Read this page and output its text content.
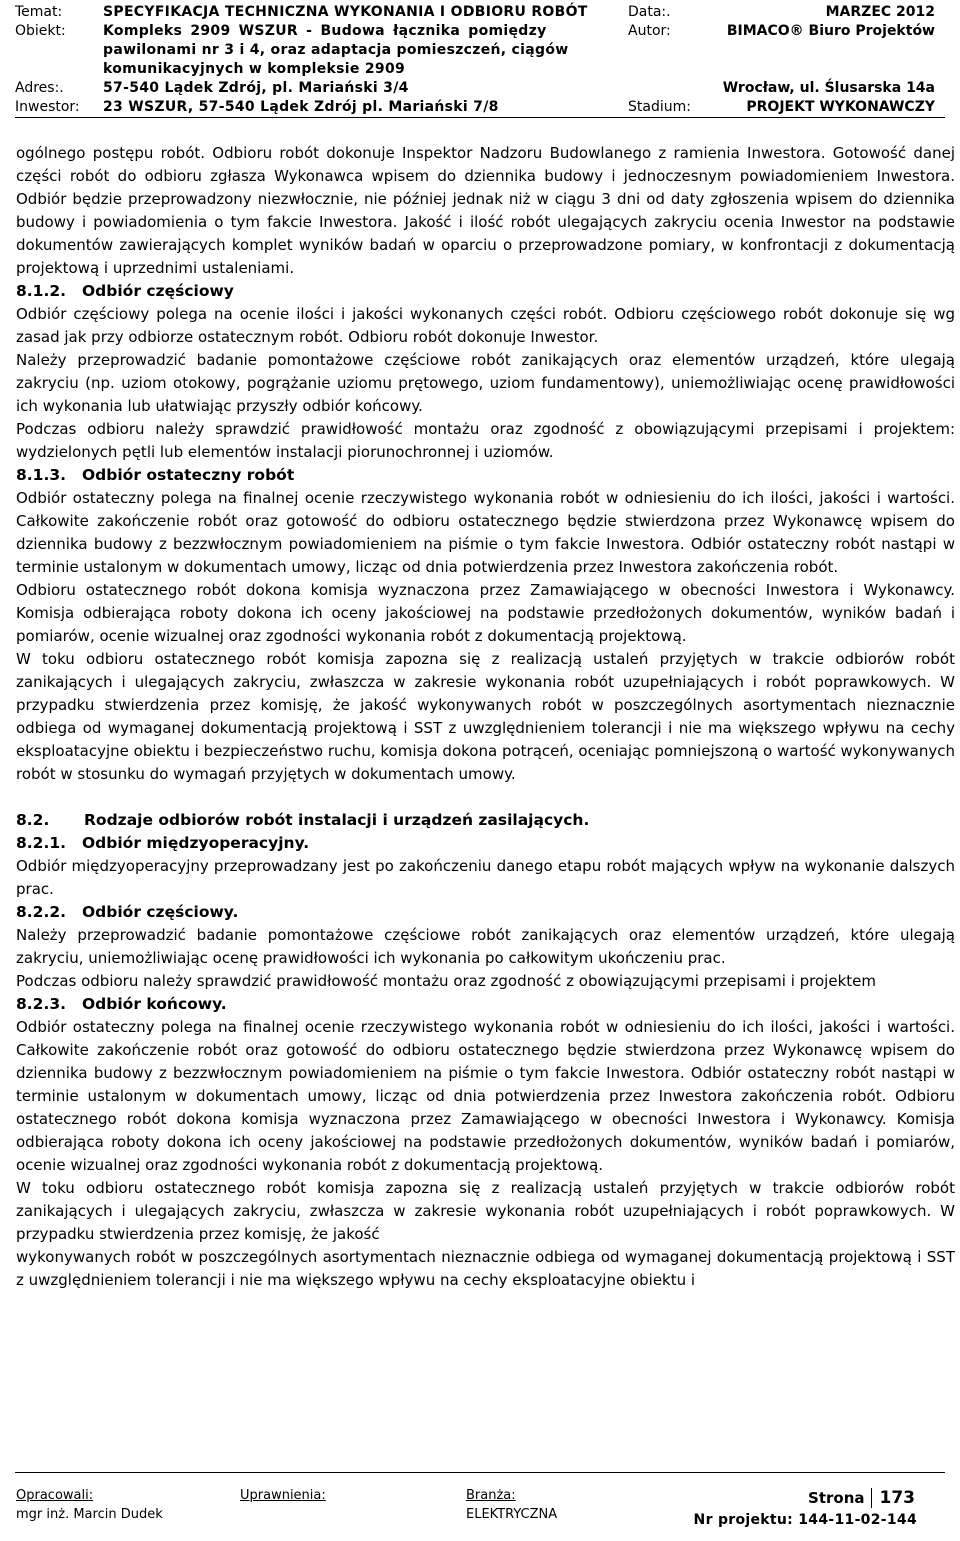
Temat:	SPECYFIKACJA TECHNICZNA WYKONANIA I ODBIORU ROBÓT
Obiekt:	Kompleks 2909 WSZUR - Budowa łącznika pomiędzy
pawilonami nr 3 i 4, oraz adaptacja pomieszczeń, ciągów
komunikacyjnych w kompleksie 2909
Adres:.	57-540 Lądek Zdrój, pl. Mariański 3/4
Inwestor: 23 WSZUR, 57-540 Lądek Zdrój pl. Mariański 7/8
Data:.	MARZEC 2012
Autor:	BIMACO® Biuro Projektów
Wrocław, ul. Ślusarska 14a
Stadium:	PROJEKT WYKONAWCZY

ogólnego postępu robót. Odbioru robót dokonuje Inspektor Nadzoru Budowlanego z ramienia Inwestora. Gotowość danej części robót do odbioru zgłasza Wykonawca wpisem do dziennika budowy i jednoczesnym powiadomieniem Inwestora. Odbiór będzie przeprowadzony niezwłocznie, nie później jednak niż w ciągu 3 dni od daty zgłoszenia wpisem do dziennika budowy i powiadomienia o tym fakcie Inwestora. Jakość i ilość robót ulegających zakryciu ocenia Inwestor na podstawie dokumentów zawierających komplet wyników badań w oparciu o przeprowadzone pomiary, w konfrontacji z dokumentacją projektową i uprzednimi ustaleniami.

8.1.2. Odbiór częściowy

Odbiór częściowy polega na ocenie ilości i jakości wykonanych części robót. Odbioru częściowego robót dokonuje się wg zasad jak przy odbiorze ostatecznym robót. Odbioru robót dokonuje Inwestor.

Należy przeprowadzić badanie pomontażowe częściowe robót zanikających oraz elementów urządzeń, które ulegają zakryciu (np. uziom otokowy, pogrążanie uziomu prętowego, uziom fundamentowy), uniemożliwiając ocenę prawidłowości ich wykonania lub ułatwiając przyszły odbiór końcowy.

Podczas odbioru należy sprawdzić prawidłowość montażu oraz zgodność z obowiązującymi przepisami i projektem: wydzielonych pętli lub elementów instalacji piorunochronnej i uziomów.

8.1.3. Odbiór ostateczny robót

Odbiór ostateczny polega na finalnej ocenie rzeczywistego wykonania robót w odniesieniu do ich ilości, jakości i wartości. Całkowite zakończenie robót oraz gotowość do odbioru ostatecznego będzie stwierdzona przez Wykonawcę wpisem do dziennika budowy z bezzwłocznym powiadomieniem na piśmie o tym fakcie Inwestora. Odbiór ostateczny robót nastąpi w terminie ustalonym w dokumentach umowy, licząc od dnia potwierdzenia przez Inwestora zakończenia robót.

Odbioru ostatecznego robót dokona komisja wyznaczona przez Zamawiającego w obecności Inwestora i Wykonawcy. Komisja odbierająca roboty dokona ich oceny jakościowej na podstawie przedłożonych dokumentów, wyników badań i pomiarów, ocenie wizualnej oraz zgodności wykonania robót z dokumentacją projektową.

W toku odbioru ostatecznego robót komisja zapozna się z realizacją ustaleń przyjętych w trakcie odbiorów robót zanikających i ulegających zakryciu, zwłaszcza w zakresie wykonania robót uzupełniających i robót poprawkowych. W przypadku stwierdzenia przez komisję, że jakość wykonywanych robót w poszczególnych asortymentach nieznacznie odbiega od wymaganej dokumentacją projektową i SST z uwzględnieniem tolerancji i nie ma większego wpływu na cechy eksploatacyjne obiektu i bezpieczeństwo ruchu, komisja dokona potrąceń, oceniając pomniejszoną o wartość wykonywanych robót w stosunku do wymagań przyjętych w dokumentach umowy.

8.2. Rodzaje odbiorów robót instalacji i urządzeń zasilających.
8.2.1. Odbiór międzyoperacyjny.

Odbiór międzyoperacyjny przeprowadzany jest po zakończeniu danego etapu robót mających wpływ na wykonanie dalszych prac.

8.2.2. Odbiór częściowy.

Należy przeprowadzić badanie pomontażowe częściowe robót zanikających oraz elementów urządzeń, które ulegają zakryciu, uniemożliwiając ocenę prawidłowości ich wykonania po całkowitym ukończeniu prac.

Podczas odbioru należy sprawdzić prawidłowość montażu oraz zgodność z obowiązującymi przepisami i projektem

8.2.3. Odbiór końcowy.

Odbiór ostateczny polega na finalnej ocenie rzeczywistego wykonania robót w odniesieniu do ich ilości, jakości i wartości. Całkowite zakończenie robót oraz gotowość do odbioru ostatecznego będzie stwierdzona przez Wykonawcę wpisem do dziennika budowy z bezzwłocznym powiadomieniem na piśmie o tym fakcie Inwestora. Odbiór ostateczny robót nastąpi w terminie ustalonym w dokumentach umowy, licząc od dnia potwierdzenia przez Inwestora zakończenia robót. Odbioru ostatecznego robót dokona komisja wyznaczona przez Zamawiającego w obecności Inwestora i Wykonawcy. Komisja odbierająca roboty dokona ich oceny jakościowej na podstawie przedłożonych dokumentów, wyników badań i pomiarów, ocenie wizualnej oraz zgodności wykonania robót z dokumentacją projektową.

W toku odbioru ostatecznego robót komisja zapozna się z realizacją ustaleń przyjętych w trakcie odbiorów robót zanikających i ulegających zakryciu, zwłaszcza w zakresie wykonania robót uzupełniających i robót poprawkowych. W przypadku stwierdzenia przez komisję, że jakość

wykonywanych robót w poszczególnych asortymentach nieznacznie odbiega od wymaganej dokumentacją projektową i SST z uwzględnieniem tolerancji i nie ma większego wpływu na cechy eksploatacyjne obiektu i

Opracowali:
mgr inż. Marcin Dudek
Uprawnienia:	Branża:
ELEKTRYCZNA
Strona 173
Nr projektu: 144-11-02-144
